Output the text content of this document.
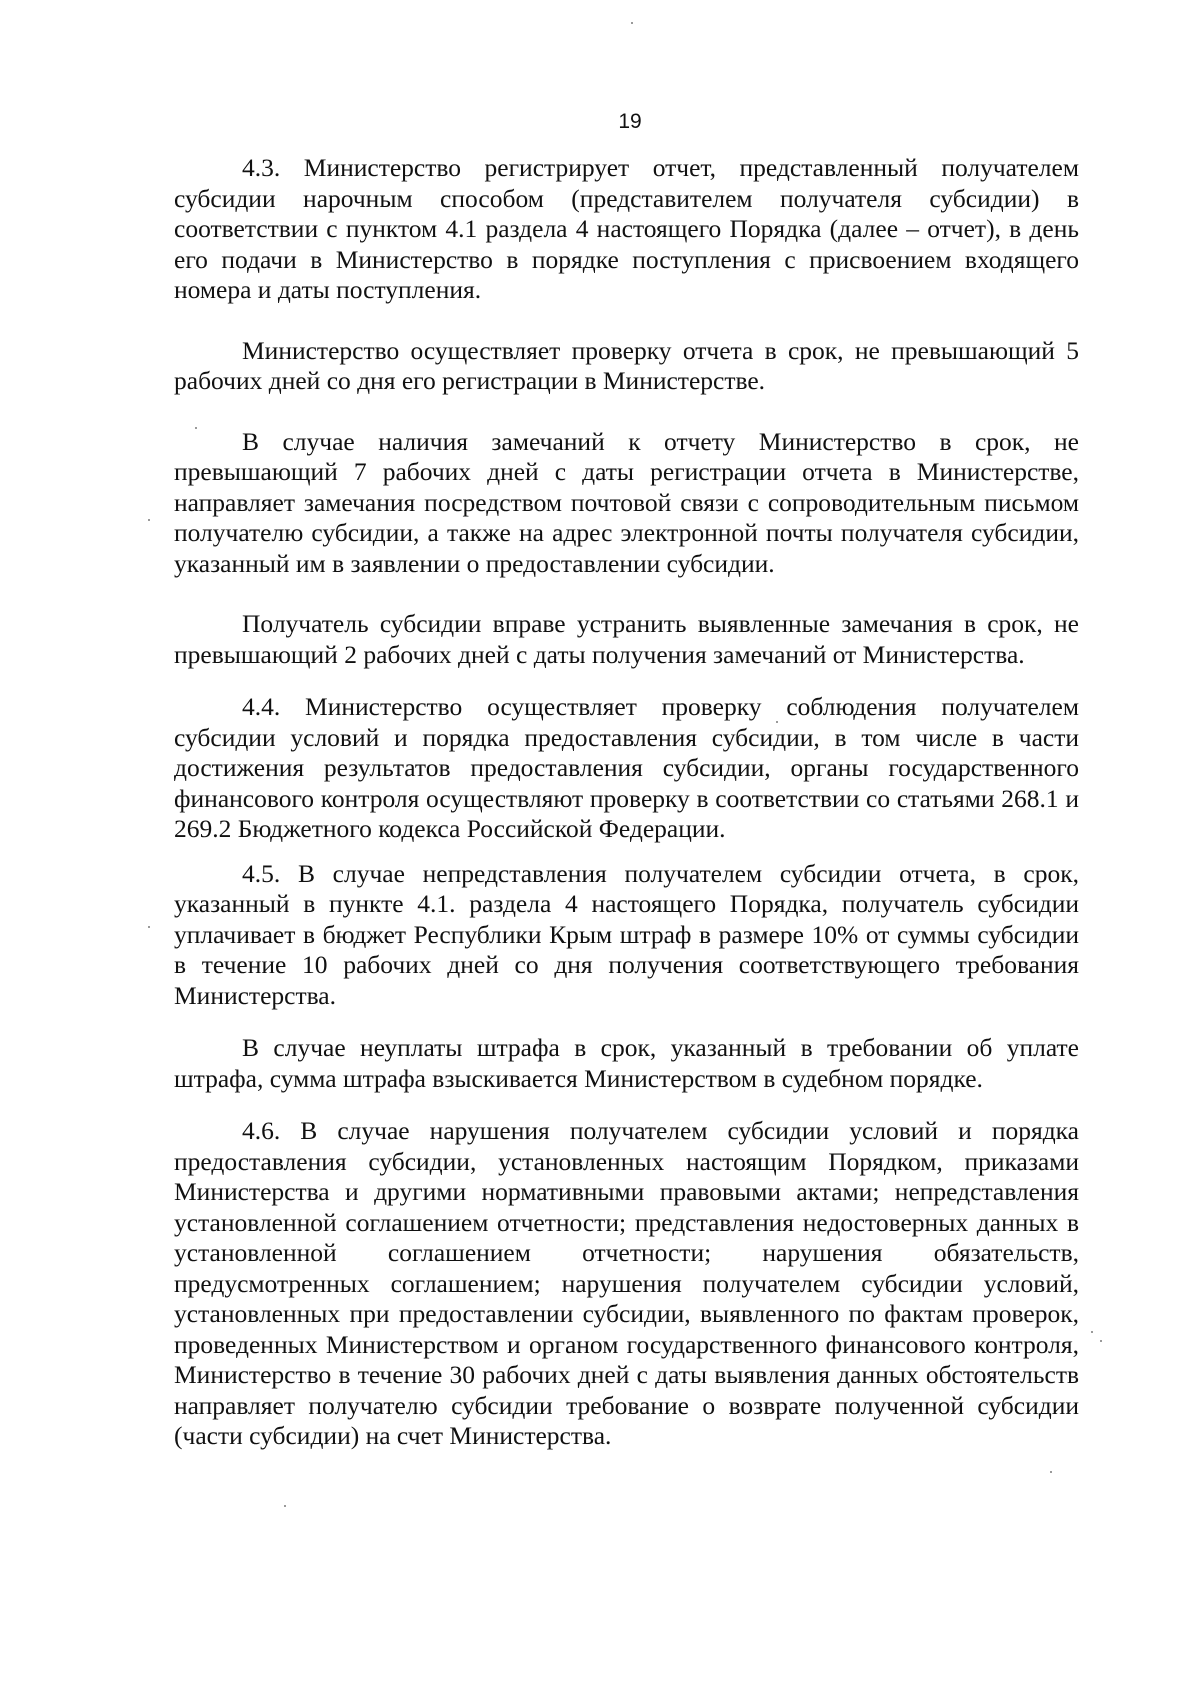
19

4.3. Министерство регистрирует отчет, представленный получателем субсидии нарочным способом (представителем получателя субсидии) в соответствии с пунктом 4.1 раздела 4 настоящего Порядка (далее – отчет), в день его подачи в Министерство в порядке поступления с присвоением входящего номера и даты поступления.

Министерство осуществляет проверку отчета в срок, не превышающий 5 рабочих дней со дня его регистрации в Министерстве.

В случае наличия замечаний к отчету Министерство в срок, не превышающий 7 рабочих дней с даты регистрации отчета в Министерстве, направляет замечания посредством почтовой связи с сопроводительным письмом получателю субсидии, а также на адрес электронной почты получателя субсидии, указанный им в заявлении о предоставлении субсидии.

Получатель субсидии вправе устранить выявленные замечания в срок, не превышающий 2 рабочих дней с даты получения замечаний от Министерства.

4.4. Министерство осуществляет проверку соблюдения получателем субсидии условий и порядка предоставления субсидии, в том числе в части достижения результатов предоставления субсидии, органы государственного финансового контроля осуществляют проверку в соответствии со статьями 268.1 и 269.2 Бюджетного кодекса Российской Федерации.

4.5. В случае непредставления получателем субсидии отчета, в срок, указанный в пункте 4.1. раздела 4 настоящего Порядка, получатель субсидии уплачивает в бюджет Республики Крым штраф в размере 10% от суммы субсидии в течение 10 рабочих дней со дня получения соответствующего требования Министерства.

В случае неуплаты штрафа в срок, указанный в требовании об уплате штрафа, сумма штрафа взыскивается Министерством в судебном порядке.

4.6. В случае нарушения получателем субсидии условий и порядка предоставления субсидии, установленных настоящим Порядком, приказами Министерства и другими нормативными правовыми актами; непредставления установленной соглашением отчетности; представления недостоверных данных в установленной соглашением отчетности; нарушения обязательств, предусмотренных соглашением; нарушения получателем субсидии условий, установленных при предоставлении субсидии, выявленного по фактам проверок, проведенных Министерством и органом государственного финансового контроля, Министерство в течение 30 рабочих дней с даты выявления данных обстоятельств направляет получателю субсидии требование о возврате полученной субсидии (части субсидии) на счет Министерства.
